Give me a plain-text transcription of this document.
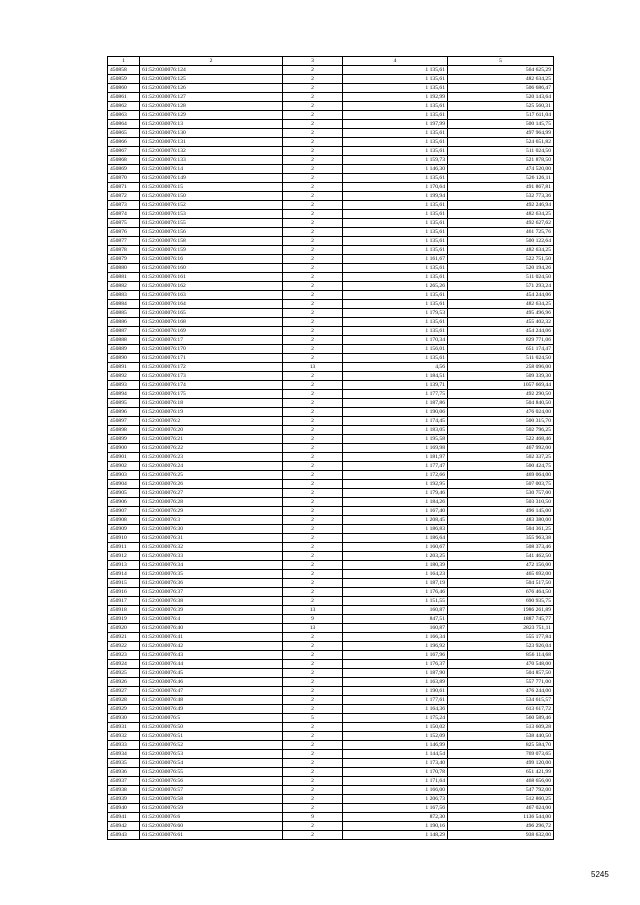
1	2	3	4	5
450858	61:52:0030076:124	2	1 135,61	564 625,29
450859	61:52:0030076:125	2	1 135,61	482 634,25
450860	61:52:0030076:126	2	1 135,61	506 686,47
450861	61:52:0030076:127	2	1 192,99	520 143,64
450862	61:52:0030076:128	2	1 135,61	525 560,31
450863	61:52:0030076:129	2	1 135,61	517 611,04
450864	61:52:0030076:13	2	1 197,99	500 145,75
450865	61:52:0030076:130	2	1 135,61	497 964,99
450866	61:52:0030076:131	2	1 135,61	524 651,82
450867	61:52:0030076:132	2	1 135,61	511 024,50
450868	61:52:0030076:133	2	1 159,73	521 878,50
450869	61:52:0030076:14	2	1 146,30	474 520,00
450870	61:52:0030076:149	2	1 135,61	526 126,11
450871	61:52:0030076:15	2	1 170,64	491 867,81
450872	61:52:0030076:150	2	1 199,94	532 773,36
450873	61:52:0030076:152	2	1 135,61	492 246,94
450874	61:52:0030076:153	2	1 135,61	482 634,25
450875	61:52:0030076:155	2	1 135,61	492 627,62
450876	61:52:0030076:156	2	1 135,61	461 725,76
450877	61:52:0030076:158	2	1 135,61	500 122,64
450878	61:52:0030076:159	2	1 135,61	482 634,25
450879	61:52:0030076:16	2	1 161,67	522 751,50
450880	61:52:0030076:160	2	1 135,61	520 194,26
450881	61:52:0030076:161	2	1 135,61	511 024,50
450882	61:52:0030076:162	2	1 265,26	571 293,24
450883	61:52:0030076:163	2	1 135,61	454 244,06
450884	61:52:0030076:164	2	1 135,61	482 634,25
450885	61:52:0030076:165	2	1 179,53	495 496,96
450886	61:52:0030076:168	2	1 135,61	455 402,32
450887	61:52:0030076:169	2	1 135,61	454 244,06
450888	61:52:0030076:17	2	1 170,34	829 771,06
450889	61:52:0030076:170	2	1 156,01	651 174,47
450890	61:52:0030076:171	2	1 135,61	511 024,50
450891	61:52:0030076:172	13	4,56	258 096,00
450892	61:52:0030076:173	2	1 184,51	509 339,30
450893	61:52:0030076:174	2	1 139,71	1057 669,44
450894	61:52:0030076:175	2	1 177,75	492 290,50
450895	61:52:0030076:18	2	1 187,86	504 840,50
450896	61:52:0030076:19	2	1 190,06	476 024,00
450897	61:52:0030076:2	2	1 174,45	500 315,70
450898	61:52:0030076:20	2	1 183,05	502 796,25
450899	61:52:0030076:21	2	1 195,58	522 468,46
450900	61:52:0030076:22	2	1 169,98	467 992,00
450901	61:52:0030076:23	2	1 181,97	502 337,25
450902	61:52:0030076:24	2	1 177,47	500 424,75
450903	61:52:0030076:25	2	1 172,66	469 064,00
450904	61:52:0030076:26	2	1 192,95	507 003,75
450905	61:52:0030076:27	2	1 179,46	530 757,00
450906	61:52:0030076:28	2	1 184,26	503 310,50
450907	61:52:0030076:29	2	1 167,40	496 145,00
450908	61:52:0030076:3	2	1 208,45	483 380,00
450909	61:52:0030076:30	2	1 186,83	504 361,25
450910	61:52:0030076:31	2	1 186,64	355 963,38
450911	61:52:0030076:32	2	1 160,67	508 373,46
450912	61:52:0030076:33	2	1 203,25	541 462,50
450913	61:52:0030076:34	2	1 180,39	472 156,00
450914	61:52:0030076:35	2	1 164,23	465 692,00
450915	61:52:0030076:36	2	1 187,19	504 517,50
450916	61:52:0030076:37	2	1 176,46	676 464,50
450917	61:52:0030076:38	2	1 151,55	690 935,75
450918	61:52:0030076:39	13	160,87	1986 261,89
450919	61:52:0030076:4	9	847,51	1887 745,77
450920	61:52:0030076:40	13	160,87	2823 751,11
450921	61:52:0030076:41	2	1 166,34	555 177,84
450922	61:52:0030076:42	2	1 196,92	523 926,04
450923	61:52:0030076:43	2	1 167,96	856 114,68
450924	61:52:0030076:44	2	1 176,37	470 548,00
450925	61:52:0030076:45	2	1 187,90	504 857,50
450926	61:52:0030076:46	2	1 163,89	557 771,00
450927	61:52:0030076:47	2	1 190,61	476 244,00
450928	61:52:0030076:48	2	1 177,61	534 615,57
450929	61:52:0030076:49	2	1 164,36	613 617,72
450930	61:52:0030076:5	5	1 175,24	560 589,46
450931	61:52:0030076:50	2	1 150,02	513 609,28
450932	61:52:0030076:51	2	1 152,09	538 440,50
450933	61:52:0030076:52	2	1 146,99	825 584,70
450934	61:52:0030076:53	2	1 144,54	769 073,65
450935	61:52:0030076:54	2	1 173,40	499 120,00
450936	61:52:0030076:55	2	1 170,78	651 421,99
450937	61:52:0030076:56	2	1 171,64	468 656,00
450938	61:52:0030076:57	2	1 166,00	547 792,00
450939	61:52:0030076:58	2	1 206,73	512 860,25
450940	61:52:0030076:59	2	1 167,56	467 024,00
450941	61:52:0030076:6	9	872,30	1136 544,00
450942	61:52:0030076:60	2	1 190,16	496 296,72
450943	61:52:0030076:61	2	1 148,29	938 632,00
5245
